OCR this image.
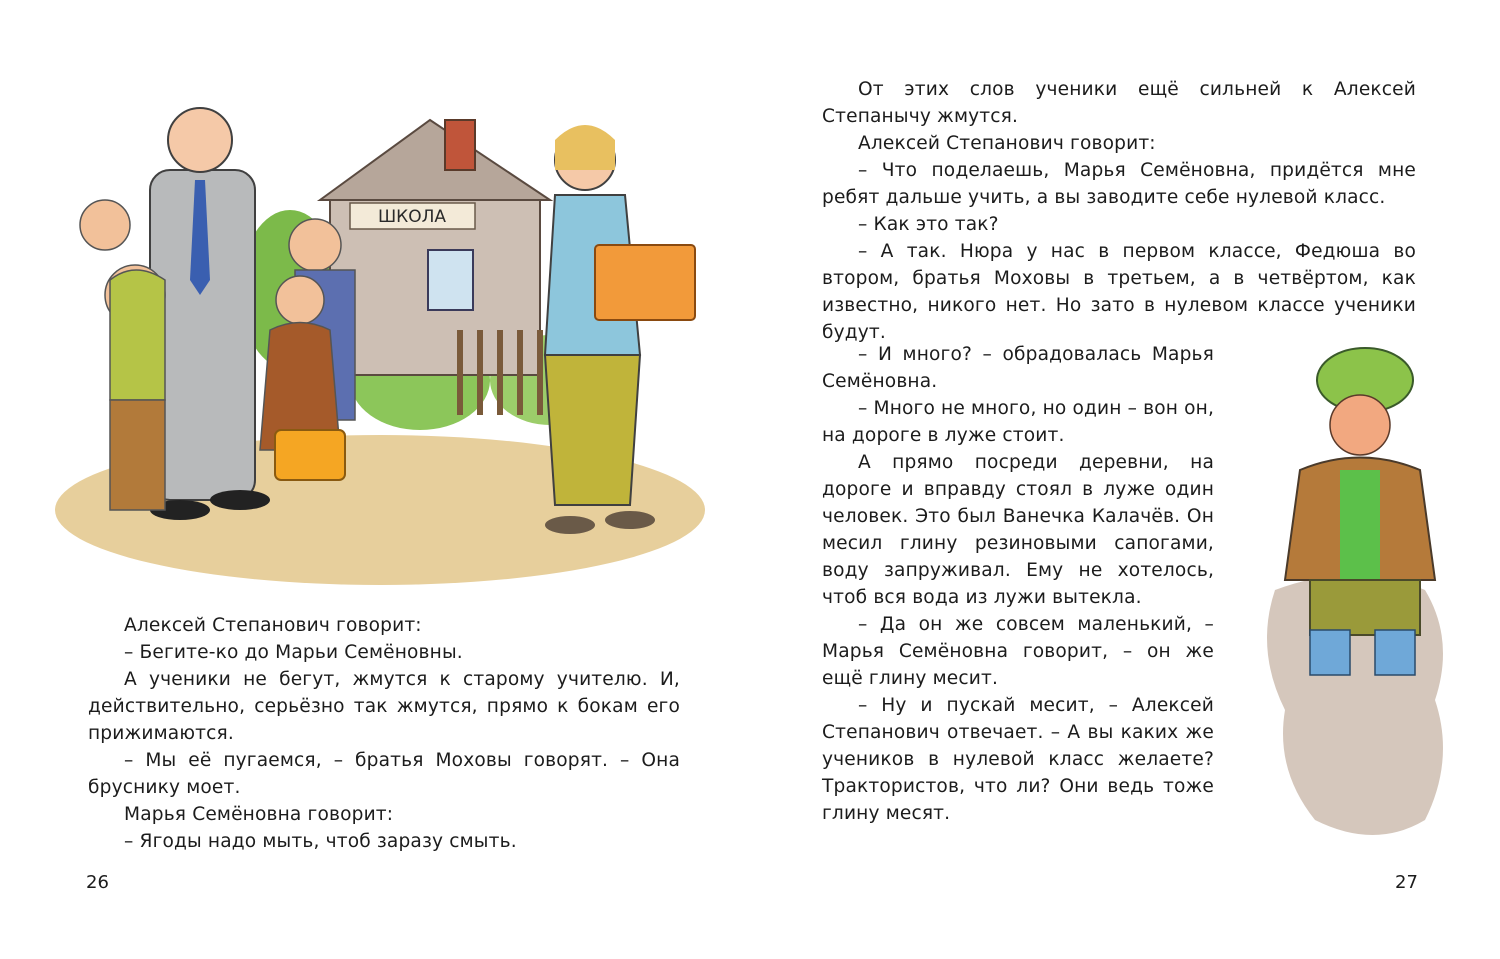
ШКОЛА

Алексей Степанович говорит:

– Бегите-ко до Марьи Семёновны.

А ученики не бегут, жмутся к старому учителю. И, действительно, серьёзно так жмутся, прямо к бокам его прижимаются.

– Мы её пугаемся, – братья Моховы говорят. – Она бруснику моет.

Марья Семёновна говорит:

– Ягоды надо мыть, чтоб заразу смыть.

26

От этих слов ученики ещё сильней к Алексей Степанычу жмутся.

Алексей Степанович говорит:

– Что поделаешь, Марья Семёновна, придётся мне ребят дальше учить, а вы заводите себе нулевой класс.

– Как это так?

– А так. Нюра у нас в первом классе, Федюша во втором, братья Моховы в третьем, а в четвёртом, как известно, никого нет. Но зато в нулевом классе ученики будут.

– И много? – обрадовалась Марья Семёновна.

– Много не много, но один – вон он, на дороге в луже стоит.

А прямо посреди деревни, на дороге и вправду стоял в луже один человек. Это был Ванечка Калачёв. Он месил глину резиновыми сапогами, воду запруживал. Ему не хотелось, чтоб вся вода из лужи вытекла.

– Да он же совсем маленький, – Марья Семёновна говорит, – он же ещё глину месит.

– Ну и пускай месит, – Алексей Степанович отвечает. – А вы каких же учеников в нулевой класс желаете? Трактористов, что ли? Они ведь тоже глину месят.

27
